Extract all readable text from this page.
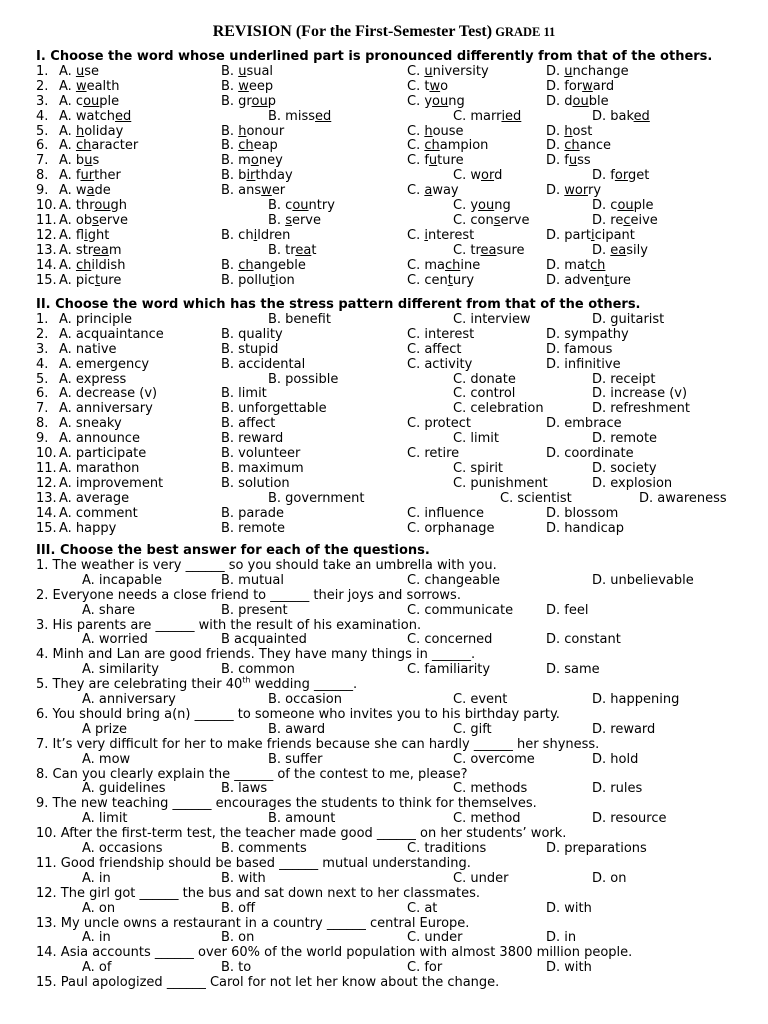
REVISION (For the First-Semester Test) GRADE 11
I. Choose the word whose underlined part is pronounced differently from that of the others.
1. A. use	B. usual	C. university	D. unchange
2. A. wealth	B. weep	C. two	D. forward
3. A. couple	B. group	C. young	D. double
4. A. watched	B. missed	C. married	D. baked
5. A. holiday	B. honour	C. house	D. host
6. A. character	B. cheap	C. champion	D. chance
7. A. bus	B. money	C. future	D. fuss
8. A. further	B. birthday	C. word	D. forget
9. A. wade	B. answer	C. away	D. worry
10. A. through	B. country	C. young	D. couple
11. A. observe	B. serve	C. conserve	D. receive
12. A. flight	B. children	C. interest	D. participant
13. A. stream	B. treat	C. treasure	D. easily
14. A. childish	B. changeble	C. machine	D. match
15. A. picture	B. pollution	C. century	D. adventure
II. Choose the word which has the stress pattern different from that of the others.
1. A. principle	B. benefit	C. interview	D. guitarist
2. A. acquaintance	B. quality	C. interest	D. sympathy
3. A. native	B. stupid	C. affect	D. famous
4. A. emergency	B. accidental	C. activity	D. infinitive
5. A. express	B. possible	C. donate	D. receipt
6. A. decrease (v)	B. limit	C. control	D. increase (v)
7. A. anniversary	B. unforgettable	C. celebration	D. refreshment
8. A. sneaky	B. affect	C. protect	D. embrace
9. A. announce	B. reward	C. limit	D. remote
10. A. participate	B. volunteer	C. retire	D. coordinate
11. A. marathon	B. maximum	C. spirit	D. society
12. A. improvement	B. solution	C. punishment	D. explosion
13. A. average	B. government	C. scientist	D. awareness
14. A. comment	B. parade	C. influence	D. blossom
15. A. happy	B. remote	C. orphanage	D. handicap
III. Choose the best answer for each of the questions.
1. The weather is very ______ so you should take an umbrella with you.
A. incapable	B. mutual	C. changeable	D. unbelievable
2. Everyone needs a close friend to ______ their joys and sorrows.
A. share	B. present	C. communicate	D. feel
3. His parents are ______ with the result of his examination.
A. worried	B acquainted	C. concerned	D. constant
4. Minh and Lan are good friends. They have many things in ______.
A. similarity	B. common	C. familiarity	D. same
5. They are celebrating their 40th wedding ______.
A. anniversary	B. occasion	C. event	D. happening
6. You should bring a(n) ______ to someone who invites you to his birthday party.
A prize	B. award	C. gift	D. reward
7. It’s very difficult for her to make friends because she can hardly ______ her shyness.
A. mow	B. suffer	C. overcome	D. hold
8. Can you clearly explain the ______ of the contest to me, please?
A. guidelines	B. laws	C. methods	D. rules
9. The new teaching ______ encourages the students to think for themselves.
A. limit	B. amount	C. method	D. resource
10. After the first-term test, the teacher made good ______ on her students’ work.
A. occasions	B. comments	C. traditions	D. preparations
11. Good friendship should be based ______ mutual understanding.
A. in	B. with	C. under	D. on
12. The girl got ______ the bus and sat down next to her classmates.
A. on	B. off	C. at	D. with
13. My uncle owns a restaurant in a country ______ central Europe.
A. in	B. on	C. under	D. in
14. Asia accounts ______ over 60% of the world population with almost 3800 million people.
A. of	B. to	C. for	D. with
15. Paul apologized ______ Carol for not let her know about the change.
